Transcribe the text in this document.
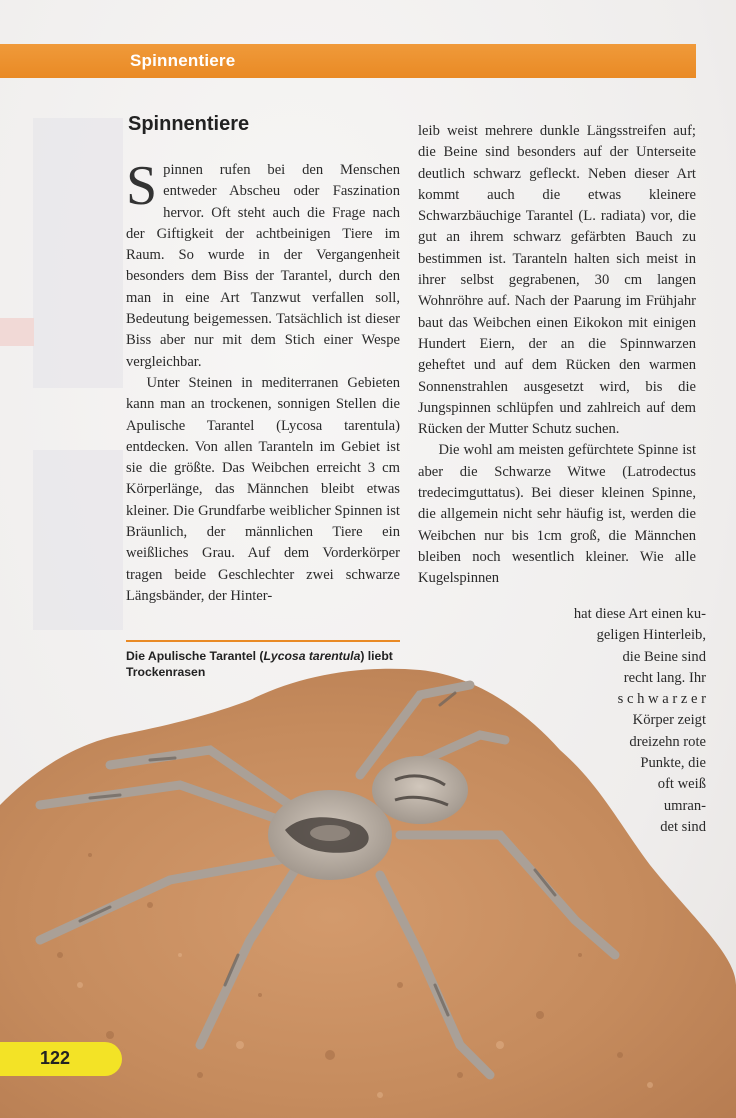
Spinnentiere
Spinnentiere

Spinnen rufen bei den Menschen entweder Abscheu oder Faszination hervor. Oft steht auch die Frage nach der Giftigkeit der achtbeinigen Tiere im Raum. So wurde in der Vergangenheit besonders dem Biss der Tarantel, durch den man in eine Art Tanzwut verfallen soll, Bedeutung beigemessen. Tatsächlich ist dieser Biss aber nur mit dem Stich einer Wespe vergleichbar.

Unter Steinen in mediterranen Gebieten kann man an trockenen, sonnigen Stellen die Apulische Tarantel (Lycosa tarentula) entdecken. Von allen Taranteln im Gebiet ist sie die größte. Das Weibchen erreicht 3 cm Körperlänge, das Männchen bleibt etwas kleiner. Die Grundfarbe weiblicher Spinnen ist Bräunlich, der männlichen Tiere ein weißliches Grau. Auf dem Vorderkörper tragen beide Geschlechter zwei schwarze Längsbänder, der Hinter-

leib weist mehrere dunkle Längsstreifen auf; die Beine sind besonders auf der Unterseite deutlich schwarz gefleckt. Neben dieser Art kommt auch die etwas kleinere Schwarzbäuchige Tarantel (L. radiata) vor, die gut an ihrem schwarz gefärbten Bauch zu bestimmen ist. Taranteln halten sich meist in ihrer selbst gegrabenen, 30 cm langen Wohnröhre auf. Nach der Paarung im Frühjahr baut das Weibchen einen Eikokon mit einigen Hundert Eiern, der an die Spinnwarzen geheftet und auf dem Rücken den warmen Sonnenstrahlen ausgesetzt wird, bis die Jungspinnen schlüpfen und zahlreich auf dem Rücken der Mutter Schutz suchen.

Die wohl am meisten gefürchtete Spinne ist aber die Schwarze Witwe (Latrodectus tredecimguttatus). Bei dieser kleinen Spinne, die allgemein nicht sehr häufig ist, werden die Weibchen nur bis 1cm groß, die Männchen bleiben noch wesentlich kleiner. Wie alle Kugelspinnen

Die Apulische Tarantel (Lycosa tarentula) liebt Trockenrasen
hat diese Art einen ku-
geligen Hinterleib,
die Beine sind
recht lang. Ihr
s c h w a r z e r
Körper zeigt
dreizehn rote
Punkte, die
oft weiß
umran-
det sind
122
